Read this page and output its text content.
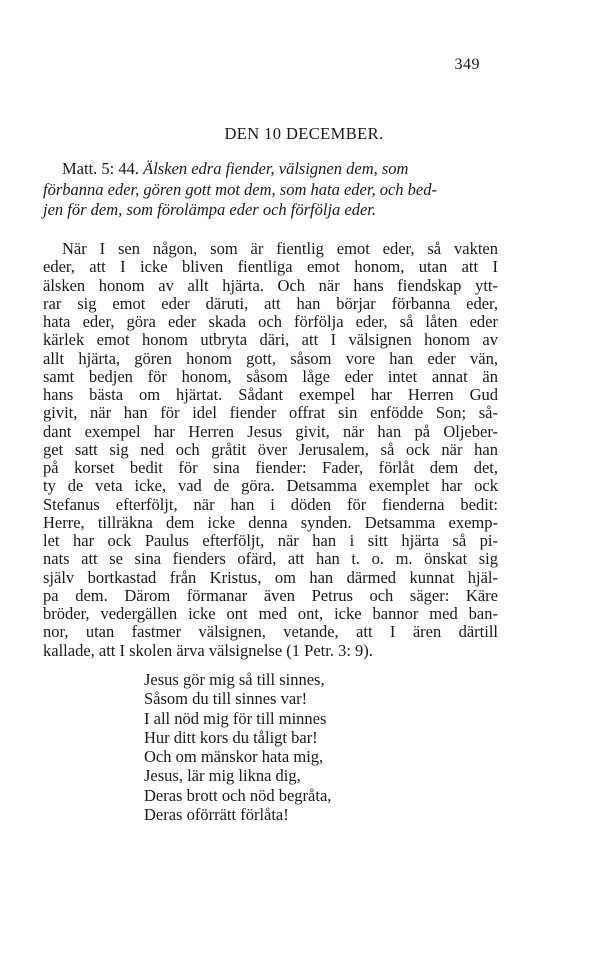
349
DEN 10 DECEMBER.
Matt. 5: 44. Älsken edra fiender, välsignen dem, som
förbanna eder, gören gott mot dem, som hata eder, och bed-
jen för dem, som förolämpa eder och förfölja eder.
När I sen någon, som är fientlig emot eder, så vakten
eder, att I icke bliven fientliga emot honom, utan att I
älsken honom av allt hjärta. Och när hans fiendskap ytt-
rar sig emot eder däruti, att han börjar förbanna eder,
hata eder, göra eder skada och förfölja eder, så låten eder
kärlek emot honom utbryta däri, att I välsignen honom av
allt hjärta, gören honom gott, såsom vore han eder vän,
samt bedjen för honom, såsom låge eder intet annat än
hans bästa om hjärtat. Sådant exempel har Herren Gud
givit, när han för idel fiender offrat sin enfödde Son; så-
dant exempel har Herren Jesus givit, när han på Oljeber-
get satt sig ned och gråtit över Jerusalem, så ock när han
på korset bedit för sina fiender: Fader, förlåt dem det,
ty de veta icke, vad de göra. Detsamma exemplet har ock
Stefanus efterföljt, när han i döden för fienderna bedit:
Herre, tillräkna dem icke denna synden. Detsamma exemp-
let har ock Paulus efterföljt, när han i sitt hjärta så pi-
nats att se sina fienders ofärd, att han t. o. m. önskat sig
själv bortkastad från Kristus, om han därmed kunnat hjäl-
pa dem. Därom förmanar även Petrus och säger: Käre
bröder, vedergällen icke ont med ont, icke bannor med ban-
nor, utan fastmer välsignen, vetande, att I ären därtill
kallade, att I skolen ärva välsignelse (1 Petr. 3: 9).
Jesus gör mig så till sinnes,
Såsom du till sinnes var!
I all nöd mig för till minnes
Hur ditt kors du tåligt bar!
Och om mänskor hata mig,
Jesus, lär mig likna dig,
Deras brott och nöd begråta,
Deras oförrätt förlåta!
